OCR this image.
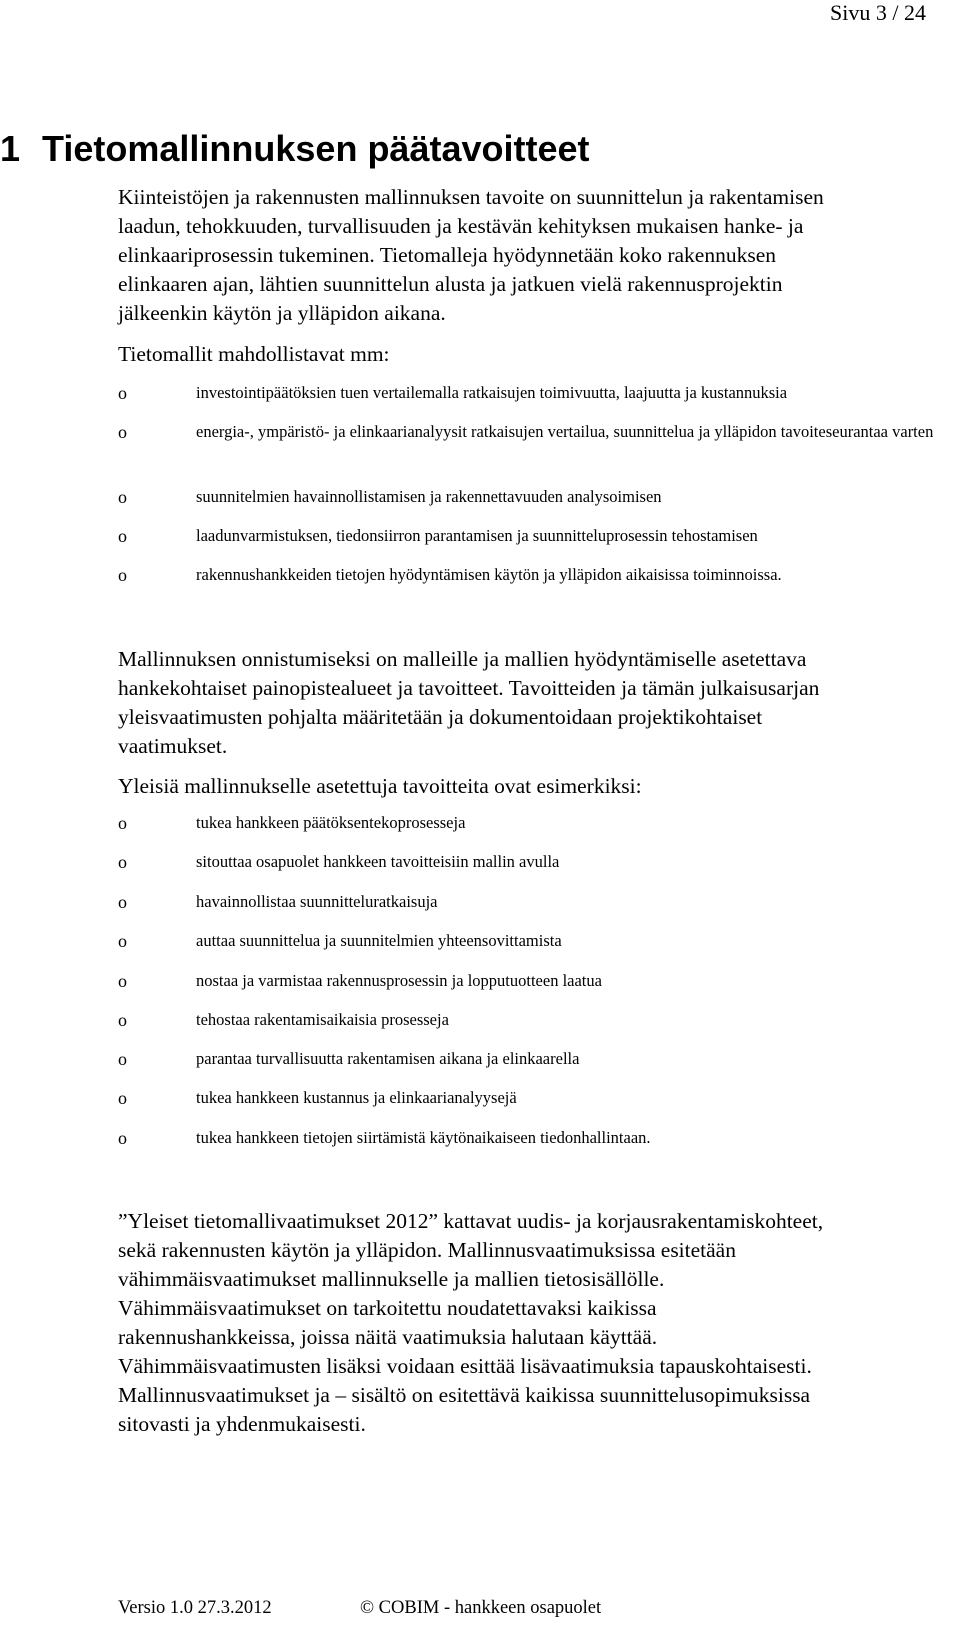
Sivu 3 / 24
1 Tietomallinnuksen päätavoitteet
Kiinteistöjen ja rakennusten mallinnuksen tavoite on suunnittelun ja rakentamisen
laadun, tehokkuuden, turvallisuuden ja kestävän kehityksen mukaisen hanke- ja
elinkaariprosessin tukeminen. Tietomalleja hyödynnetään koko rakennuksen
elinkaaren ajan, lähtien suunnittelun alusta ja jatkuen vielä rakennusprojektin
jälkeenkin käytön ja ylläpidon aikana.
Tietomallit mahdollistavat mm:
o	investointipäätöksien tuen vertailemalla ratkaisujen toimivuutta, laajuutta ja kustannuksia
o	energia-, ympäristö- ja elinkaarianalyysit ratkaisujen vertailua, suunnittelua ja ylläpidon tavoiteseurantaa varten
o	suunnitelmien havainnollistamisen ja rakennettavuuden analysoimisen
o	laadunvarmistuksen, tiedonsiirron parantamisen ja suunnitteluprosessin tehostamisen
o	rakennushankkeiden tietojen hyödyntämisen käytön ja ylläpidon aikaisissa toiminnoissa.
Mallinnuksen onnistumiseksi on malleille ja mallien hyödyntämiselle asetettava
hankekohtaiset painopistealueet ja tavoitteet. Tavoitteiden ja tämän julkaisusarjan
yleisvaatimusten pohjalta määritetään ja dokumentoidaan projektikohtaiset
vaatimukset.
Yleisiä mallinnukselle asetettuja tavoitteita ovat esimerkiksi:
o	tukea hankkeen päätöksentekoprosesseja
o	sitouttaa osapuolet hankkeen tavoitteisiin mallin avulla
o	havainnollistaa suunnitteluratkaisuja
o	auttaa suunnittelua ja suunnitelmien yhteensovittamista
o	nostaa ja varmistaa rakennusprosessin ja lopputuotteen laatua
o	tehostaa rakentamisaikaisia prosesseja
o	parantaa turvallisuutta rakentamisen aikana ja elinkaarella
o	tukea hankkeen kustannus ja elinkaarianalyysejä
o	tukea hankkeen tietojen siirtämistä käytönaikaiseen tiedonhallintaan.
”Yleiset tietomallivaatimukset 2012” kattavat uudis- ja korjausrakentamiskohteet,
sekä rakennusten käytön ja ylläpidon. Mallinnusvaatimuksissa esitetään
vähimmäisvaatimukset mallinnukselle ja mallien tietosisällölle.
Vähimmäisvaatimukset on tarkoitettu noudatettavaksi kaikissa
rakennushankkeissa, joissa näitä vaatimuksia halutaan käyttää.
Vähimmäisvaatimusten lisäksi voidaan esittää lisävaatimuksia tapauskohtaisesti.
Mallinnusvaatimukset ja – sisältö on esitettävä kaikissa suunnittelusopimuksissa
sitovasti ja yhdenmukaisesti.
Versio 1.0 27.3.2012	© COBIM - hankkeen osapuolet
